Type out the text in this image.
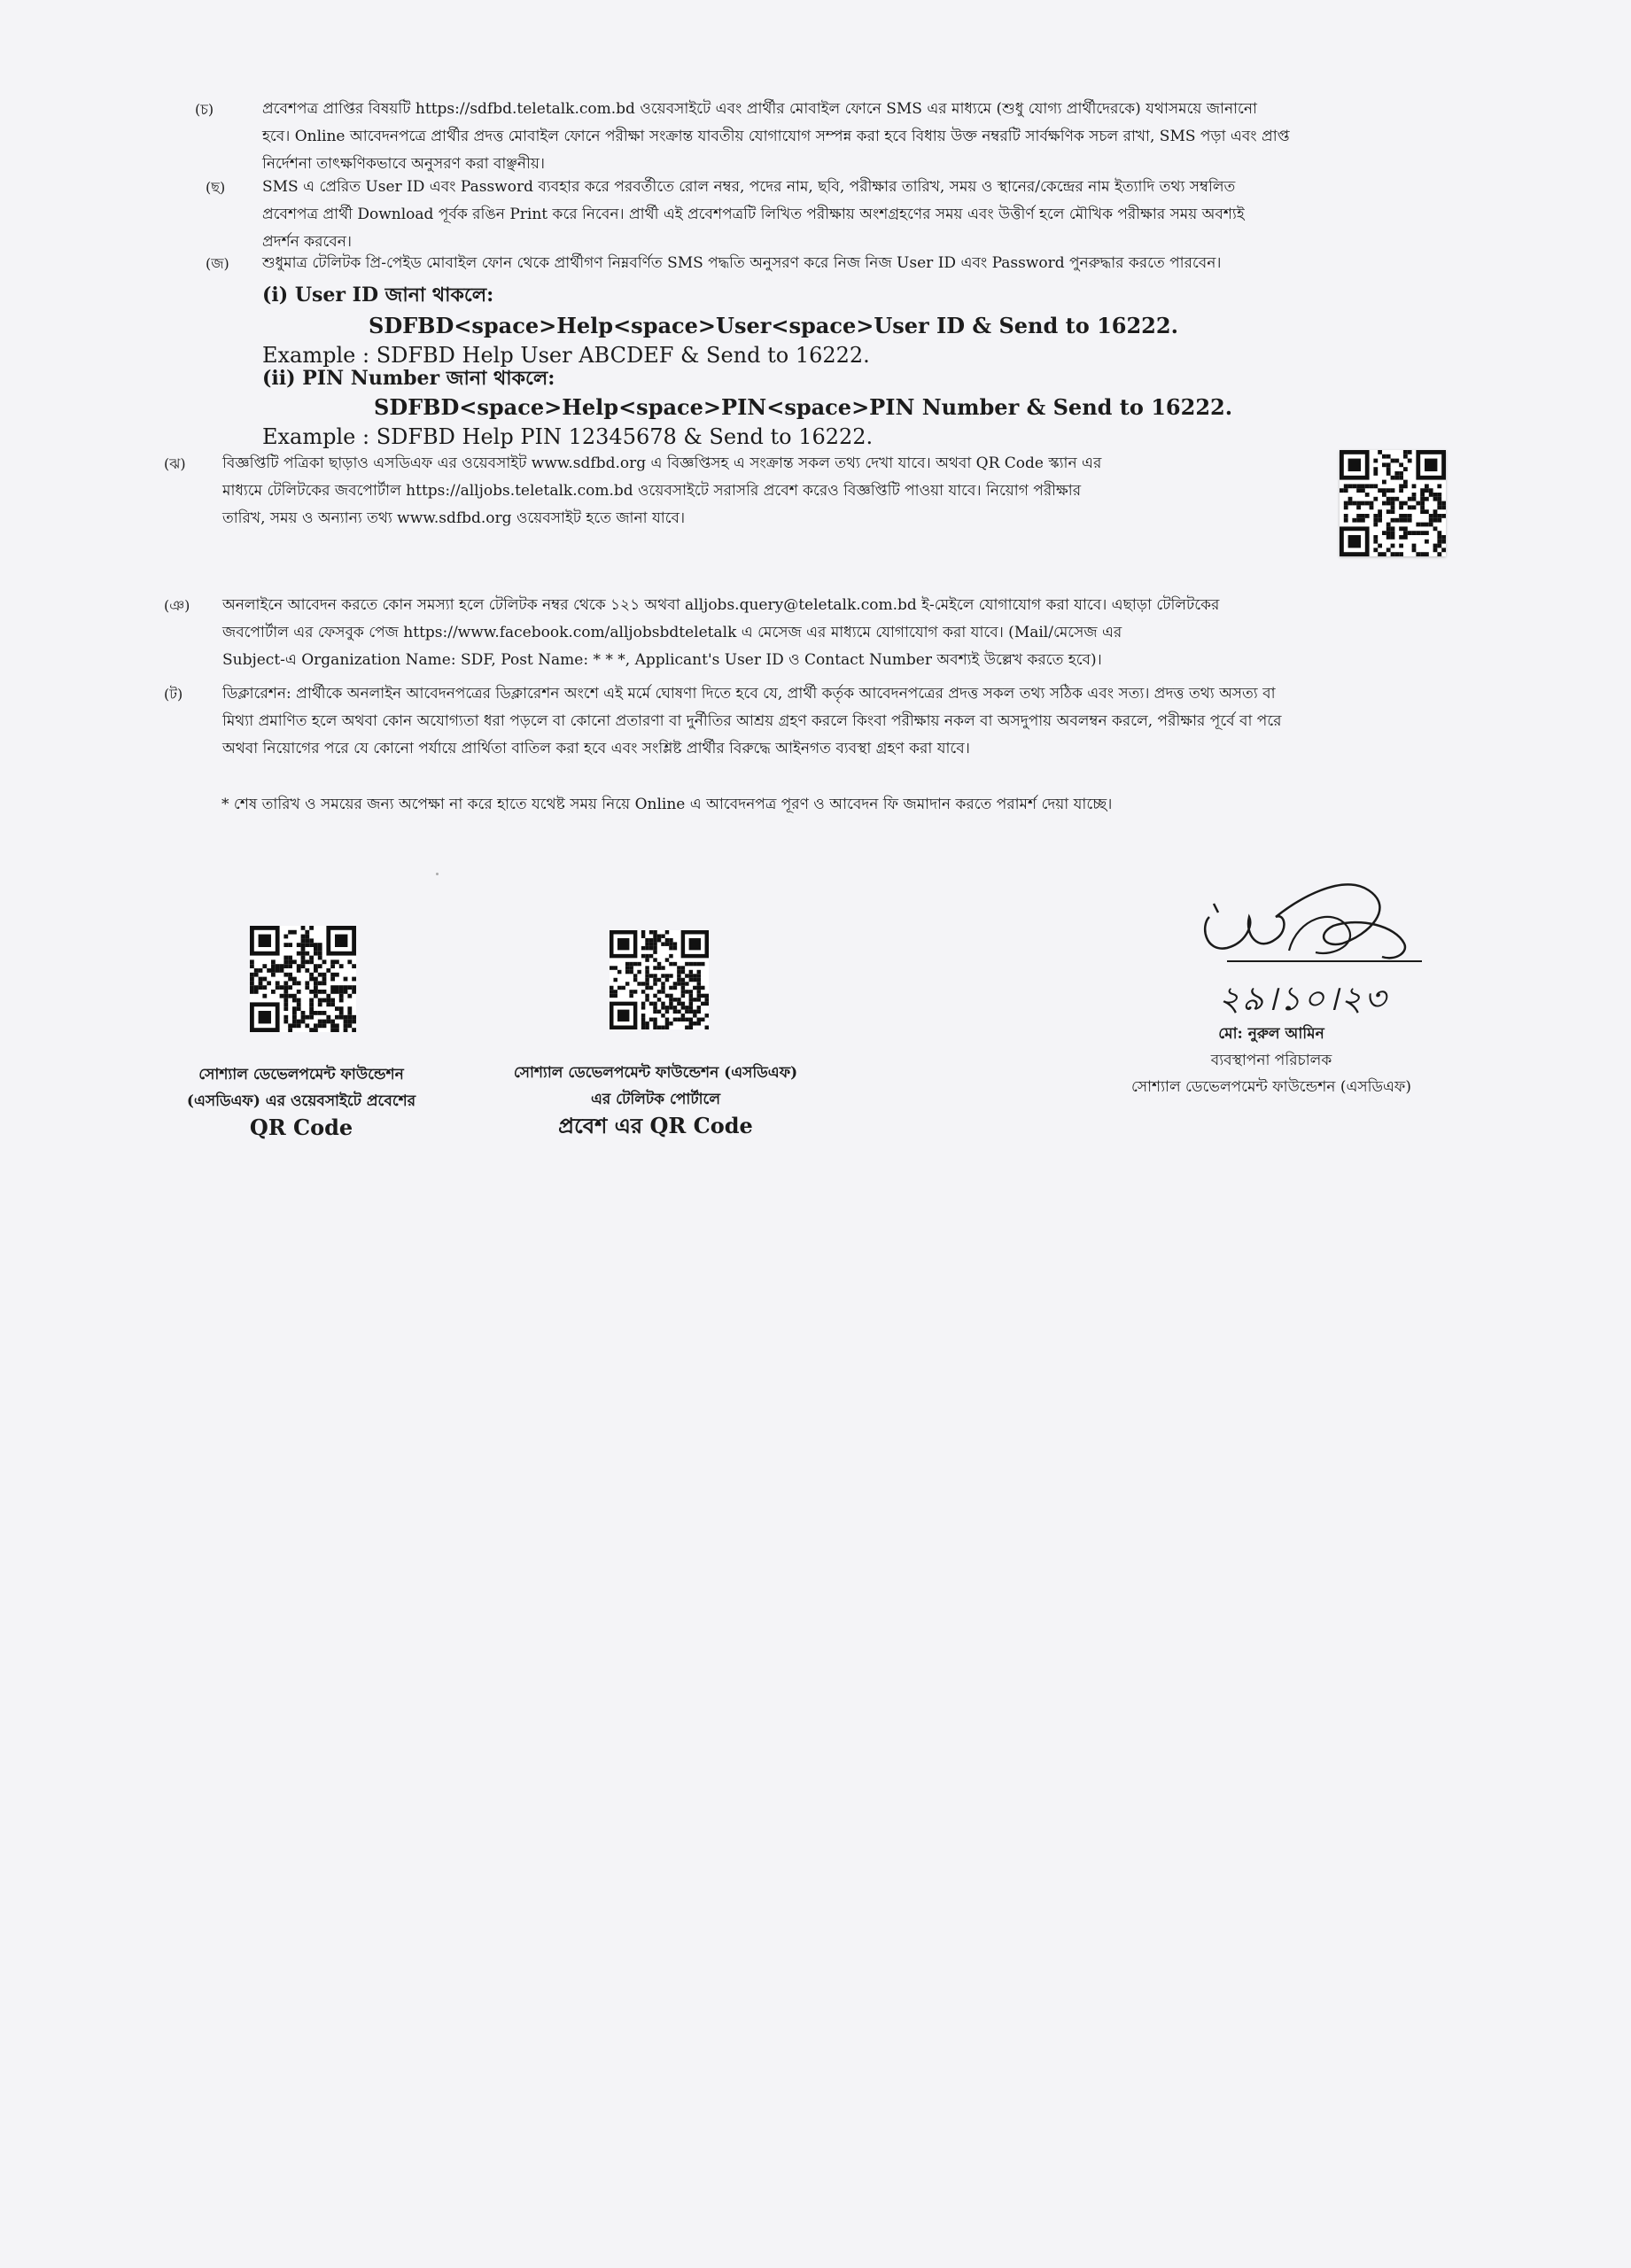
(চ)	প্রবেশপত্র প্রাপ্তির বিষয়টি https://sdfbd.teletalk.com.bd ওয়েবসাইটে এবং প্রার্থীর মোবাইল ফোনে SMS এর মাধ্যমে (শুধু যোগ্য প্রার্থীদেরকে) যথাসময়ে জানানো
হবে। Online আবেদনপত্রে প্রার্থীর প্রদত্ত মোবাইল ফোনে পরীক্ষা সংক্রান্ত যাবতীয় যোগাযোগ সম্পন্ন করা হবে বিধায় উক্ত নম্বরটি সার্বক্ষণিক সচল রাখা, SMS পড়া এবং প্রাপ্ত
নির্দেশনা তাৎক্ষণিকভাবে অনুসরণ করা বাঞ্ছনীয়।
(ছ)	SMS এ প্রেরিত User ID এবং Password ব্যবহার করে পরবর্তীতে রোল নম্বর, পদের নাম, ছবি, পরীক্ষার তারিখ, সময় ও স্থানের/কেন্দ্রের নাম ইত্যাদি তথ্য সম্বলিত
প্রবেশপত্র প্রার্থী Download পূর্বক রঙিন Print করে নিবেন। প্রার্থী এই প্রবেশপত্রটি লিখিত পরীক্ষায় অংশগ্রহণের সময় এবং উত্তীর্ণ হলে মৌখিক পরীক্ষার সময় অবশ্যই
প্রদর্শন করবেন।
(জ)	শুধুমাত্র টেলিটক প্রি-পেইড মোবাইল ফোন থেকে প্রার্থীগণ নিম্নবর্ণিত SMS পদ্ধতি অনুসরণ করে নিজ নিজ User ID এবং Password পুনরুদ্ধার করতে পারবেন।
(i) User ID জানা থাকলে:
SDFBD<space>Help<space>User<space>User ID & Send to 16222.
Example : SDFBD Help User ABCDEF & Send to 16222.
(ii) PIN Number জানা থাকলে:
SDFBD<space>Help<space>PIN<space>PIN Number & Send to 16222.
Example : SDFBD Help PIN 12345678 & Send to 16222.
(ঝ)	বিজ্ঞপ্তিটি পত্রিকা ছাড়াও এসডিএফ এর ওয়েবসাইট www.sdfbd.org এ বিজ্ঞপ্তিসহ এ সংক্রান্ত সকল তথ্য দেখা যাবে। অথবা QR Code স্ক্যান এর
মাধ্যমে টেলিটকের জবপোর্টাল https://alljobs.teletalk.com.bd ওয়েবসাইটে সরাসরি প্রবেশ করেও বিজ্ঞপ্তিটি পাওয়া যাবে। নিয়োগ পরীক্ষার
তারিখ, সময় ও অন্যান্য তথ্য www.sdfbd.org ওয়েবসাইট হতে জানা যাবে।
(ঞ)	অনলাইনে আবেদন করতে কোন সমস্যা হলে টেলিটক নম্বর থেকে ১২১ অথবা alljobs.query@teletalk.com.bd ই-মেইলে যোগাযোগ করা যাবে। এছাড়া টেলিটকের
জবপোর্টাল এর ফেসবুক পেজ https://www.facebook.com/alljobsbdteletalk এ মেসেজ এর মাধ্যমে যোগাযোগ করা যাবে। (Mail/মেসেজ এর
Subject-এ Organization Name: SDF, Post Name: * * *, Applicant's User ID ও Contact Number অবশ্যই উল্লেখ করতে হবে)।
(ট)	ডিক্লারেশন: প্রার্থীকে অনলাইন আবেদনপত্রের ডিক্লারেশন অংশে এই মর্মে ঘোষণা দিতে হবে যে, প্রার্থী কর্তৃক আবেদনপত্রের প্রদত্ত সকল তথ্য সঠিক এবং সত্য। প্রদত্ত তথ্য অসত্য বা
মিথ্যা প্রমাণিত হলে অথবা কোন অযোগ্যতা ধরা পড়লে বা কোনো প্রতারণা বা দুর্নীতির আশ্রয় গ্রহণ করলে কিংবা পরীক্ষায় নকল বা অসদুপায় অবলম্বন করলে, পরীক্ষার পূর্বে বা পরে
অথবা নিয়োগের পরে যে কোনো পর্যায়ে প্রার্থিতা বাতিল করা হবে এবং সংশ্লিষ্ট প্রার্থীর বিরুদ্ধে আইনগত ব্যবস্থা গ্রহণ করা যাবে।
* শেষ তারিখ ও সময়ের জন্য অপেক্ষা না করে হাতে যথেষ্ট সময় নিয়ে Online এ আবেদনপত্র পূরণ ও আবেদন ফি জমাদান করতে পরামর্শ দেয়া যাচ্ছে।
সোশ্যাল ডেভেলপমেন্ট ফাউন্ডেশন
(এসডিএফ) এর ওয়েবসাইটে প্রবেশের
QR Code
সোশ্যাল ডেভেলপমেন্ট ফাউন্ডেশন (এসডিএফ)
এর টেলিটক পোর্টালে
প্রবেশ এর QR Code
২৯।১০।২৩
মো: নুরুল আমিন
ব্যবস্থাপনা পরিচালক
সোশ্যাল ডেভেলপমেন্ট ফাউন্ডেশন (এসডিএফ)
